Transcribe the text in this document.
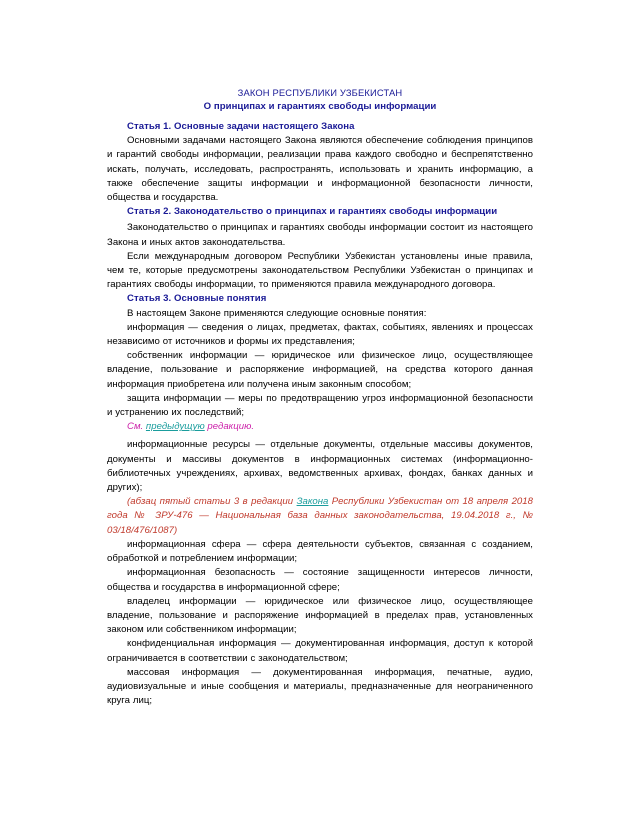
ЗАКОН РЕСПУБЛИКИ УЗБЕКИСТАН
О принципах и гарантиях свободы информации
Статья 1. Основные задачи настоящего Закона

Основными задачами настоящего Закона являются обеспечение соблюдения принципов и гарантий свободы информации, реализации права каждого свободно и беспрепятственно искать, получать, исследовать, распространять, использовать и хранить информацию, а также обеспечение защиты информации и информационной безопасности личности, общества и государства.

Статья 2. Законодательство о принципах и гарантиях свободы информации

Законодательство о принципах и гарантиях свободы информации состоит из настоящего Закона и иных актов законодательства.

Если международным договором Республики Узбекистан установлены иные правила, чем те, которые предусмотрены законодательством Республики Узбекистан о принципах и гарантиях свободы информации, то применяются правила международного договора.

Статья 3. Основные понятия

В настоящем Законе применяются следующие основные понятия:

информация — сведения о лицах, предметах, фактах, событиях, явлениях и процессах независимо от источников и формы их представления;

собственник информации — юридическое или физическое лицо, осуществляющее владение, пользование и распоряжение информацией, на средства которого данная информация приобретена или получена иным законным способом;

защита информации — меры по предотвращению угроз информационной безопасности и устранению их последствий;

См. предыдущую редакцию.

информационные ресурсы — отдельные документы, отдельные массивы документов, документы и массивы документов в информационных системах (информационно-библиотечных учреждениях, архивах, ведомственных архивах, фондах, банках данных и других);

(абзац пятый статьи 3 в редакции Закона Республики Узбекистан от 18 апреля 2018 года № ЗРУ-476 — Национальная база данных законодательства, 19.04.2018 г., № 03/18/476/1087)

информационная сфера — сфера деятельности субъектов, связанная с созданием, обработкой и потреблением информации;

информационная безопасность — состояние защищенности интересов личности, общества и государства в информационной сфере;

владелец информации — юридическое или физическое лицо, осуществляющее владение, пользование и распоряжение информацией в пределах прав, установленных законом или собственником информации;

конфиденциальная информация — документированная информация, доступ к которой ограничивается в соответствии с законодательством;

массовая информация — документированная информация, печатные, аудио, аудиовизуальные и иные сообщения и материалы, предназначенные для неограниченного круга лиц;
